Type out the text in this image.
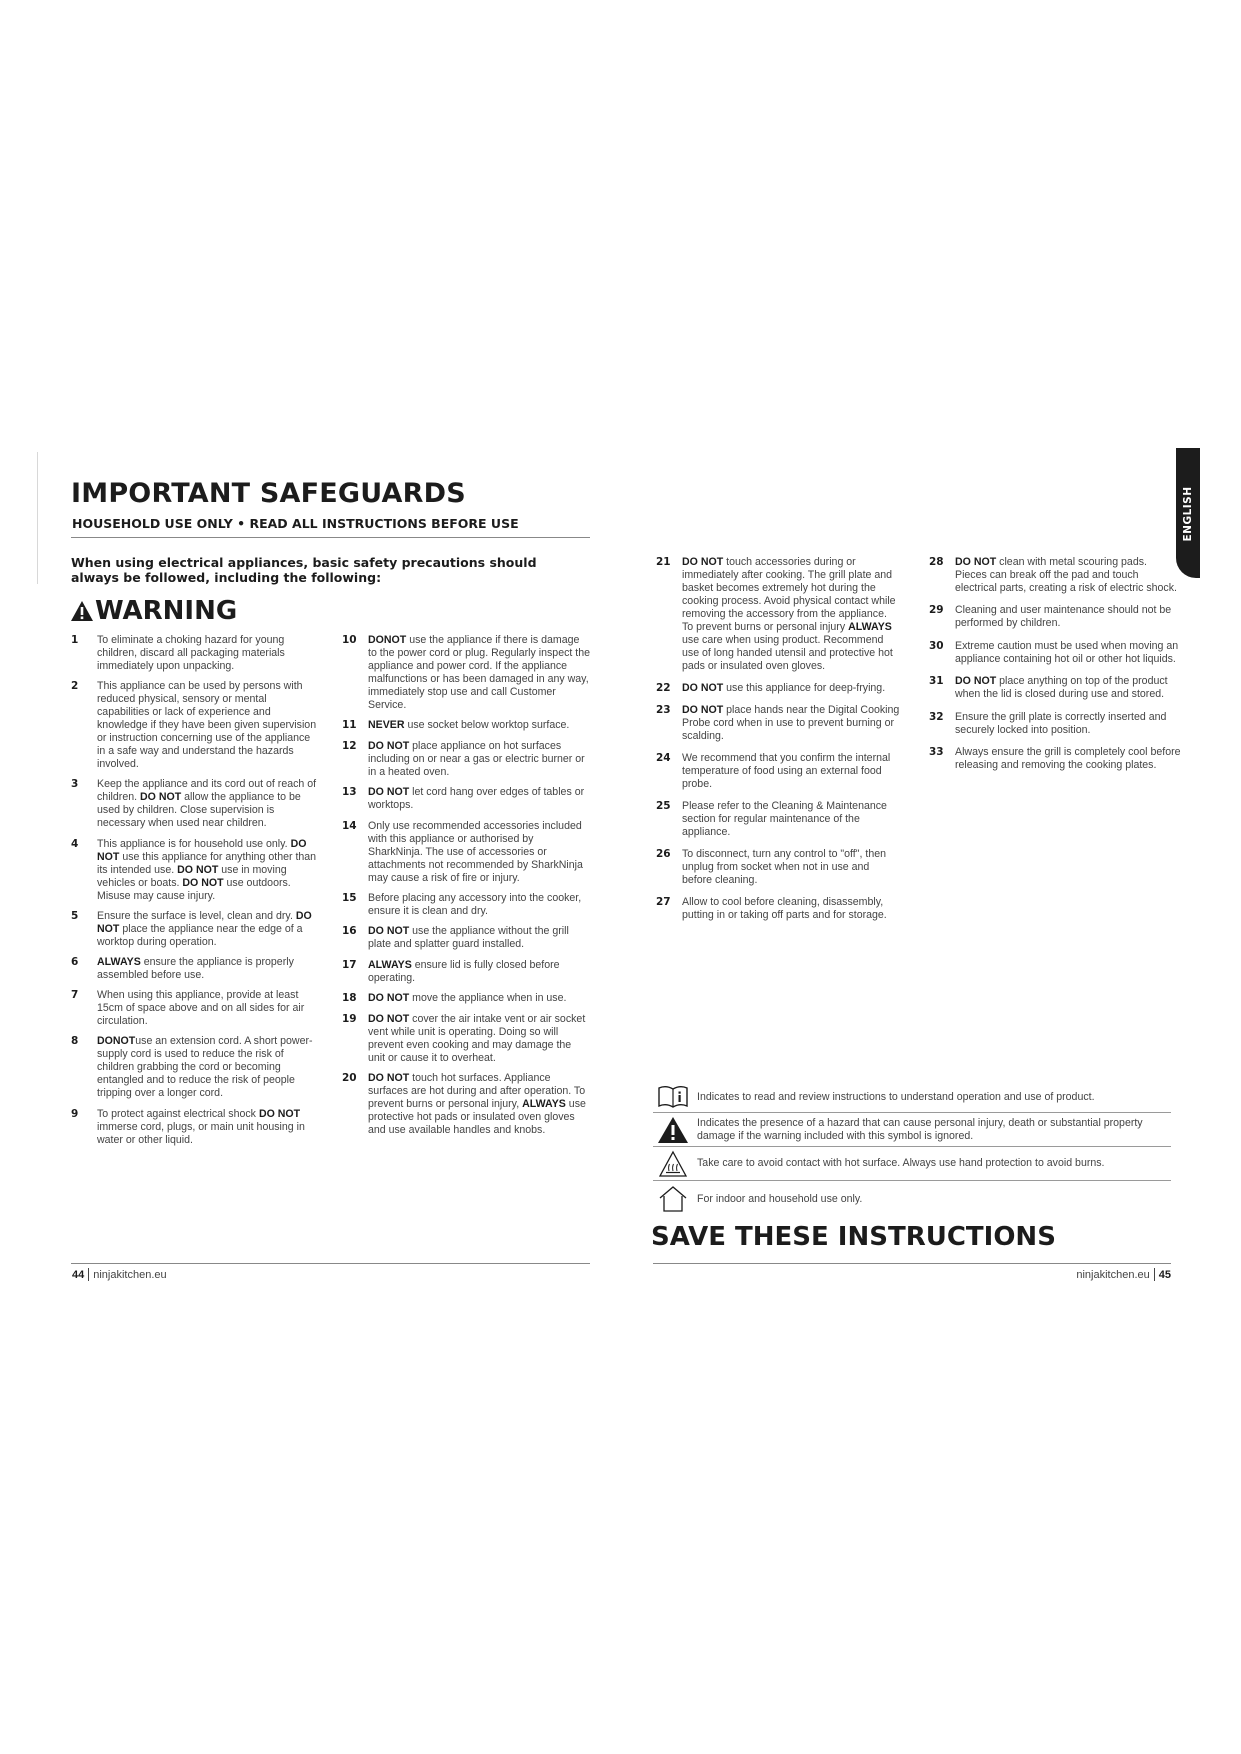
IMPORTANT SAFEGUARDS
HOUSEHOLD USE ONLY • READ ALL INSTRUCTIONS BEFORE USE

When using electrical appliances, basic safety precautions should always be followed, including the following:

WARNING
1	To eliminate a choking hazard for young children, discard all packaging materials immediately upon unpacking.
2	This appliance can be used by persons with reduced physical, sensory or mental capabilities or lack of experience and knowledge if they have been given supervision or instruction concerning use of the appliance in a safe way and understand the hazards involved.
3	Keep the appliance and its cord out of reach of children. DO NOT allow the appliance to be used by children. Close supervision is necessary when used near children.
4	This appliance is for household use only. DO NOT use this appliance for anything other than its intended use. DO NOT use in moving vehicles or boats. DO NOT use outdoors. Misuse may cause injury.
5	Ensure the surface is level, clean and dry. DO NOT place the appliance near the edge of a worktop during operation.
6	ALWAYS ensure the appliance is properly assembled before use.
7	When using this appliance, provide at least 15cm of space above and on all sides for air circulation.
8	DONOTuse an extension cord. A short power-supply cord is used to reduce the risk of children grabbing the cord or becoming entangled and to reduce the risk of people tripping over a longer cord.
9	To protect against electrical shock DO NOT immerse cord, plugs, or main unit housing in water or other liquid.
10	DONOT use the appliance if there is damage to the power cord or plug. Regularly inspect the appliance and power cord. If the appliance malfunctions or has been damaged in any way, immediately stop use and call Customer Service.
11	NEVER use socket below worktop surface.
12	DO NOT place appliance on hot surfaces including on or near a gas or electric burner or in a heated oven.
13	DO NOT let cord hang over edges of tables or worktops.
14	Only use recommended accessories included with this appliance or authorised by SharkNinja. The use of accessories or attachments not recommended by SharkNinja may cause a risk of fire or injury.
15	Before placing any accessory into the cooker, ensure it is clean and dry.
16	DO NOT use the appliance without the grill plate and splatter guard installed.
17	ALWAYS ensure lid is fully closed before operating.
18	DO NOT move the appliance when in use.
19	DO NOT cover the air intake vent or air socket vent while unit is operating. Doing so will prevent even cooking and may damage the unit or cause it to overheat.
20	DO NOT touch hot surfaces. Appliance surfaces are hot during and after operation. To prevent burns or personal injury, ALWAYS use protective hot pads or insulated oven gloves and use available handles and knobs.
21	DO NOT touch accessories during or immediately after cooking. The grill plate and basket becomes extremely hot during the cooking process. Avoid physical contact while removing the accessory from the appliance. To prevent burns or personal injury ALWAYS use care when using product. Recommend use of long handed utensil and protective hot pads or insulated oven gloves.
22	DO NOT use this appliance for deep-frying.
23	DO NOT place hands near the Digital Cooking Probe cord when in use to prevent burning or scalding.
24	We recommend that you confirm the internal temperature of food using an external food probe.
25	Please refer to the Cleaning & Maintenance section for regular maintenance of the appliance.
26	To disconnect, turn any control to "off", then unplug from socket when not in use and before cleaning.
27	Allow to cool before cleaning, disassembly, putting in or taking off parts and for storage.
28	DO NOT clean with metal scouring pads. Pieces can break off the pad and touch electrical parts, creating a risk of electric shock.
29	Cleaning and user maintenance should not be performed by children.
30	Extreme caution must be used when moving an appliance containing hot oil or other hot liquids.
31	DO NOT place anything on top of the product when the lid is closed during use and stored.
32	Ensure the grill plate is correctly inserted and securely locked into position.
33	Always ensure the grill is completely cool before releasing and removing the cooking plates.
Indicates to read and review instructions to understand operation and use of product.
Indicates the presence of a hazard that can cause personal injury, death or substantial property damage if the warning included with this symbol is ignored.
Take care to avoid contact with hot surface. Always use hand protection to avoid burns.
For indoor and household use only.
SAVE THESE INSTRUCTIONS
44 ninjakitchen.eu	ninjakitchen.eu 45
ENGLISH
